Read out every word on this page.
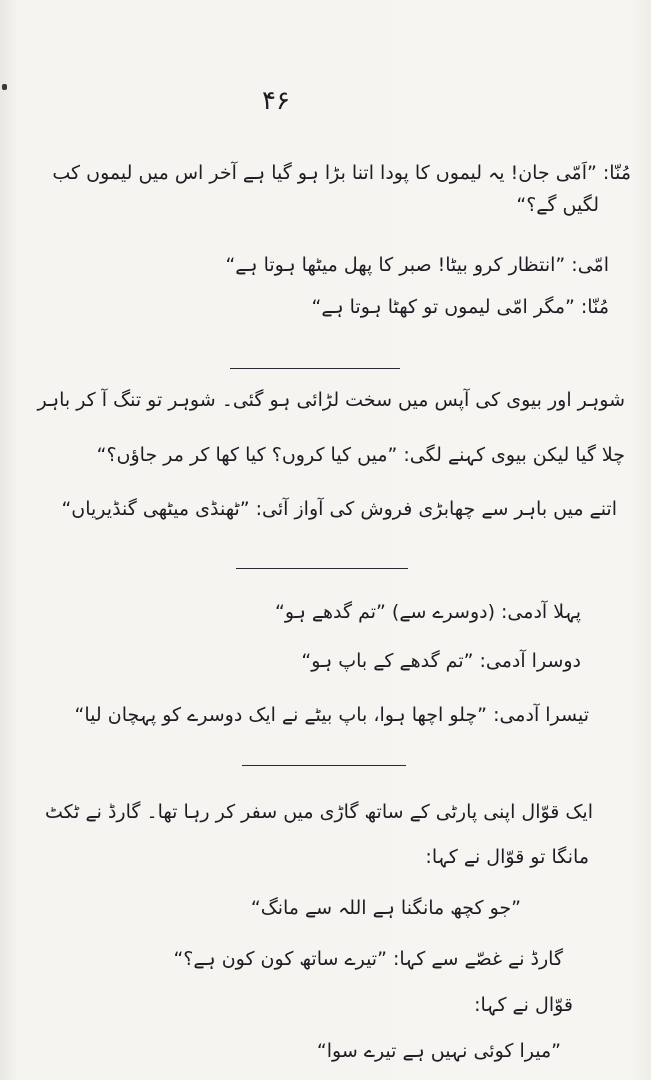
۴۶
مُنّا: ”اَمّی جان! یہ لیموں کا پودا اتنا بڑا ہو گیا ہے آخر اس میں لیموں کب
لگیں گے؟“
امّی: ”انتظار کرو بیٹا! صبر کا پھل میٹھا ہوتا ہے“
مُنّا: ”مگر امّی لیموں تو کھٹا ہوتا ہے“
شوہر اور بیوی کی آپس میں سخت لڑائی ہو گئی۔ شوہر تو تنگ آ کر باہر
چلا گیا لیکن بیوی کہنے لگی: ”میں کیا کروں؟ کیا کھا کر مر جاؤں؟“
اتنے میں باہر سے چھابڑی فروش کی آواز آئی: ”ٹھنڈی میٹھی گنڈیریاں“
پہلا آدمی: (دوسرے سے) ”تم گدھے ہو“
دوسرا آدمی: ”تم گدھے کے باپ ہو“
تیسرا آدمی: ”چلو اچھا ہوا، باپ بیٹے نے ایک دوسرے کو پہچان لیا“
ایک قوّال اپنی پارٹی کے ساتھ گاڑی میں سفر کر رہا تھا۔ گارڈ نے ٹکٹ
مانگا تو قوّال نے کہا:
”جو کچھ مانگنا ہے اللہ سے مانگ“
گارڈ نے غصّے سے کہا: ”تیرے ساتھ کون کون ہے؟“
قوّال نے کہا:
”میرا کوئی نہیں ہے تیرے سوا“
